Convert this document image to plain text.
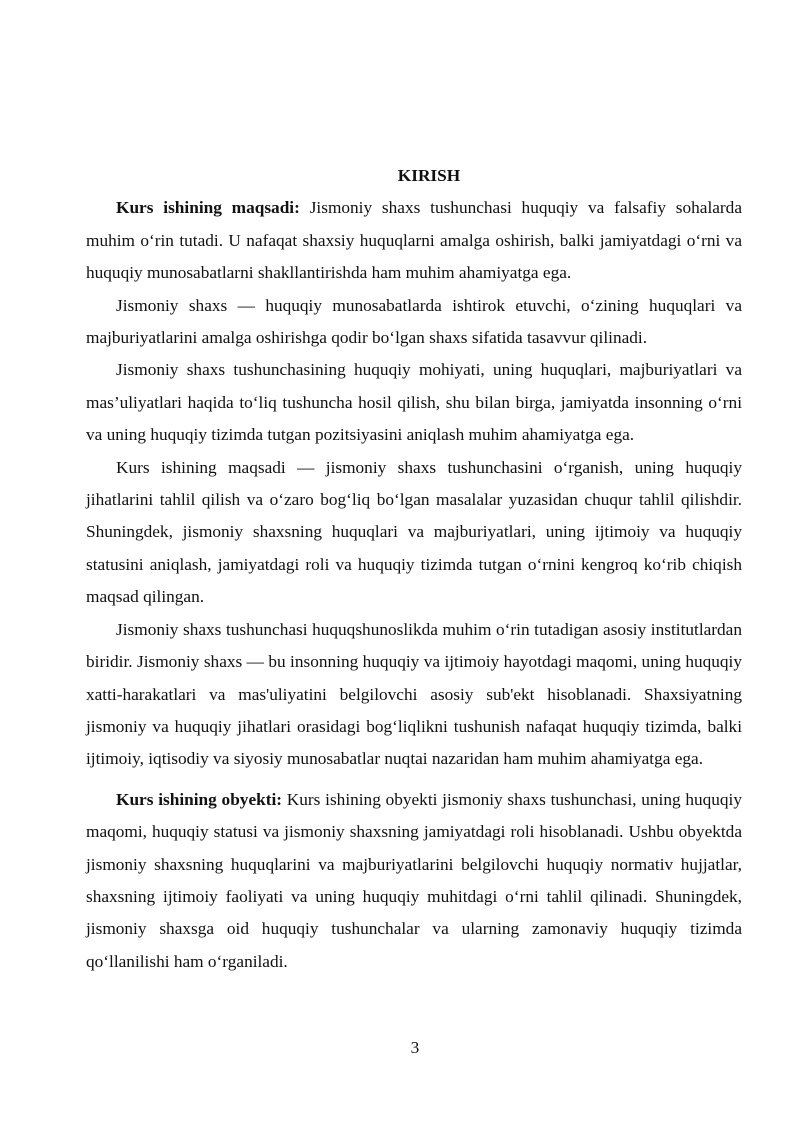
KIRISH

Kurs ishining maqsadi: Jismoniy shaxs tushunchasi huquqiy va falsafiy sohalarda muhim oʻrin tutadi. U nafaqat shaxsiy huquqlarni amalga oshirish, balki jamiyatdagi oʻrni va huquqiy munosabatlarni shakllantirishda ham muhim ahamiyatga ega.

Jismoniy shaxs — huquqiy munosabatlarda ishtirok etuvchi, oʻzining huquqlari va majburiyatlarini amalga oshirishga qodir boʻlgan shaxs sifatida tasavvur qilinadi.

Jismoniy shaxs tushunchasining huquqiy mohiyati, uning huquqlari, majburiyatlari va mas’uliyatlari haqida toʻliq tushuncha hosil qilish, shu bilan birga, jamiyatda insonning oʻrni va uning huquqiy tizimda tutgan pozitsiyasini aniqlash muhim ahamiyatga ega.

Kurs ishining maqsadi — jismoniy shaxs tushunchasini oʻrganish, uning huquqiy jihatlarini tahlil qilish va oʻzaro bogʻliq boʻlgan masalalar yuzasidan chuqur tahlil qilishdir. Shuningdek, jismoniy shaxsning huquqlari va majburiyatlari, uning ijtimoiy va huquqiy statusini aniqlash, jamiyatdagi roli va huquqiy tizimda tutgan oʻrnini kengroq koʻrib chiqish maqsad qilingan.

Jismoniy shaxs tushunchasi huquqshunoslikda muhim oʻrin tutadigan asosiy institutlardan biridir. Jismoniy shaxs — bu insonning huquqiy va ijtimoiy hayotdagi maqomi, uning huquqiy xatti-harakatlari va mas'uliyatini belgilovchi asosiy sub'ekt hisoblanadi. Shaxsiyatning jismoniy va huquqiy jihatlari orasidagi bogʻliqlikni tushunish nafaqat huquqiy tizimda, balki ijtimoiy, iqtisodiy va siyosiy munosabatlar nuqtai nazaridan ham muhim ahamiyatga ega.

Kurs ishining obyekti: Kurs ishining obyekti jismoniy shaxs tushunchasi, uning huquqiy maqomi, huquqiy statusi va jismoniy shaxsning jamiyatdagi roli hisoblanadi. Ushbu obyektda jismoniy shaxsning huquqlarini va majburiyatlarini belgilovchi huquqiy normativ hujjatlar, shaxsning ijtimoiy faoliyati va uning huquqiy muhitdagi oʻrni tahlil qilinadi. Shuningdek, jismoniy shaxsga oid huquqiy tushunchalar va ularning zamonaviy huquqiy tizimda qoʻllanilishi ham oʻrganiladi.

3
